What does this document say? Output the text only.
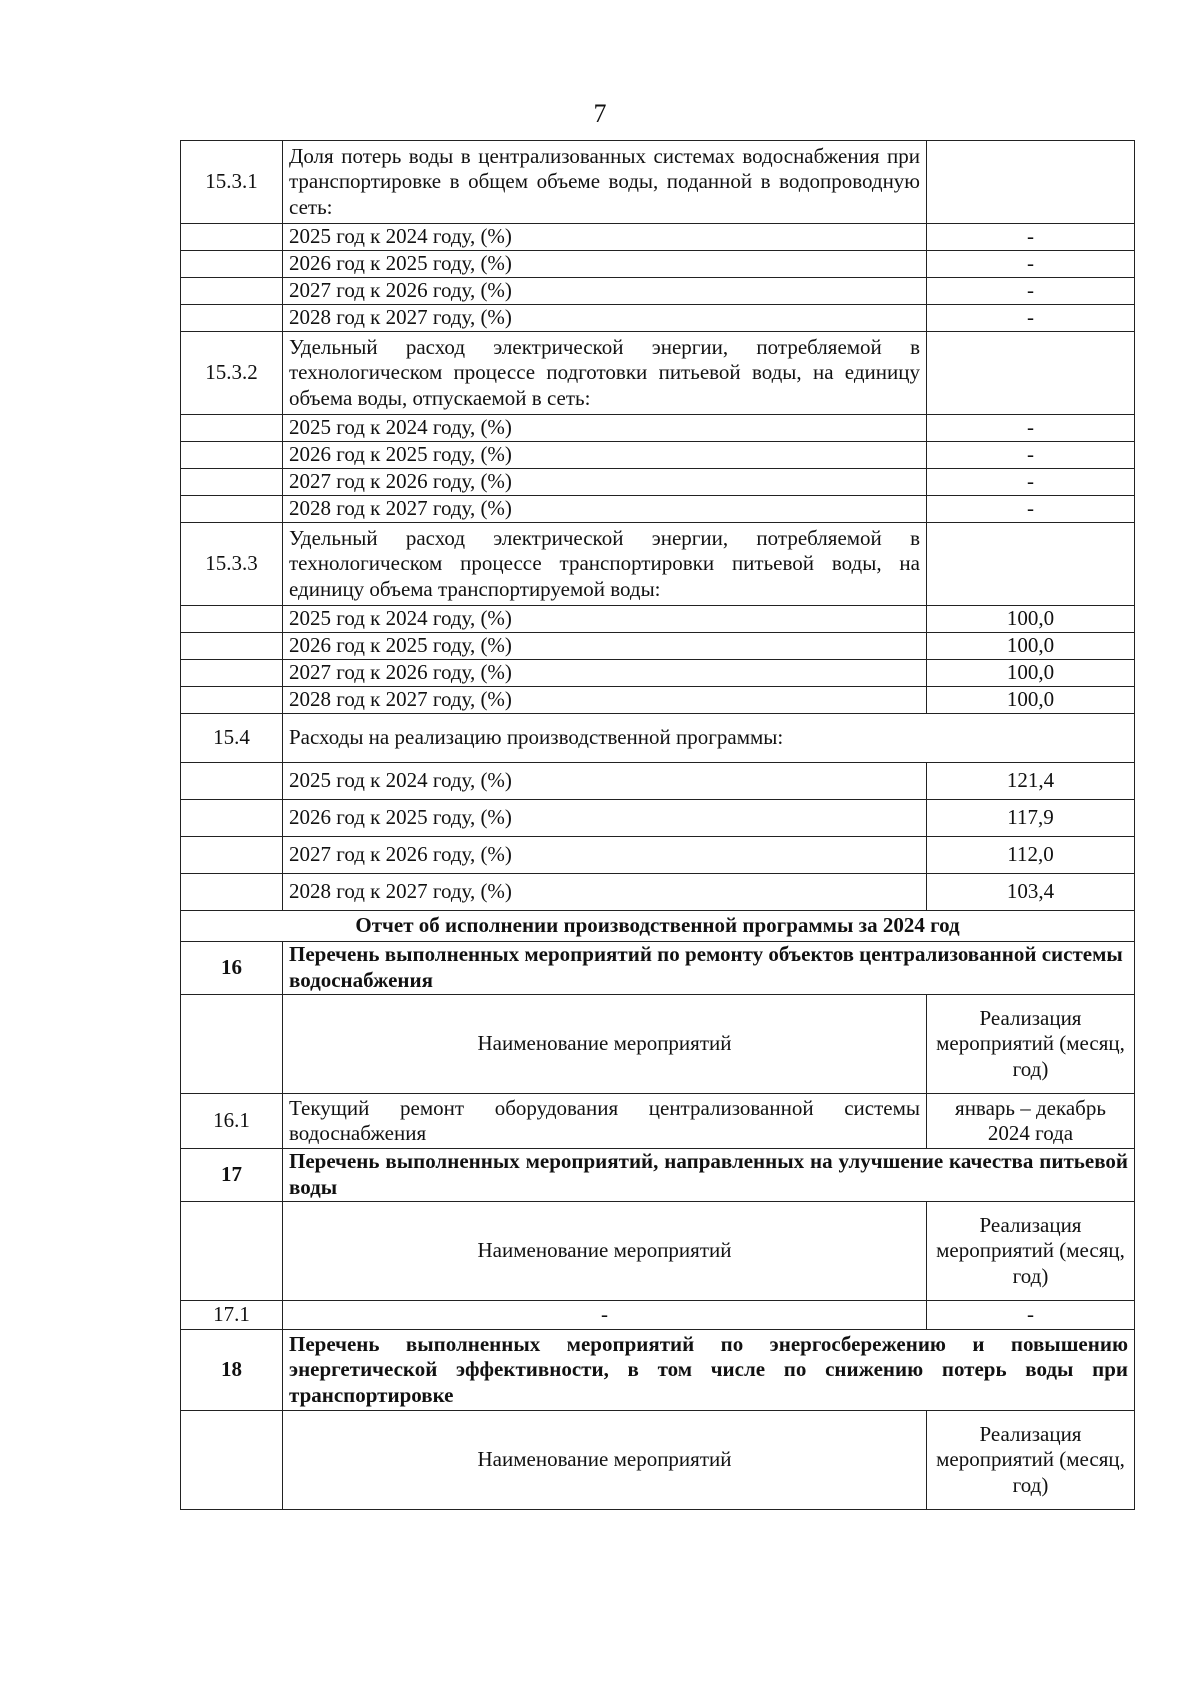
7
15.3.1	Доля потерь воды в централизованных системах водоснабжения при транспортировке в общем объеме воды, поданной в водопроводную сеть:	
	2025 год к 2024 году, (%)	-
	2026 год к 2025 году, (%)	-
	2027 год к 2026 году, (%)	-
	2028 год к 2027 году, (%)	-
15.3.2	Удельный расход электрической энергии, потребляемой в технологическом процессе подготовки питьевой воды, на единицу объема воды, отпускаемой в сеть:	
	2025 год к 2024 году, (%)	-
	2026 год к 2025 году, (%)	-
	2027 год к 2026 году, (%)	-
	2028 год к 2027 году, (%)	-
15.3.3	Удельный расход электрической энергии, потребляемой в технологическом процессе транспортировки питьевой воды, на единицу объема транспортируемой воды:	
	2025 год к 2024 году, (%)	100,0
	2026 год к 2025 году, (%)	100,0
	2027 год к 2026 году, (%)	100,0
	2028 год к 2027 году, (%)	100,0
15.4	Расходы на реализацию производственной программы:	
	2025 год к 2024 году, (%)	121,4
	2026 год к 2025 году, (%)	117,9
	2027 год к 2026 году, (%)	112,0
	2028 год к 2027 году, (%)	103,4
Отчет об исполнении производственной программы за 2024 год		
16	Перечень выполненных мероприятий по ремонту объектов централизованной системы водоснабжения	
	Наименование мероприятий	Реализация мероприятий (месяц, год)
16.1	Текущий ремонт оборудования централизованной системы водоснабжения	январь – декабрь 2024 года
17	Перечень выполненных мероприятий, направленных на улучшение качества питьевой воды	
	Наименование мероприятий	Реализация мероприятий (месяц, год)
17.1	-	-
18	Перечень выполненных мероприятий по энергосбережению и повышению энергетической эффективности, в том числе по снижению потерь воды при транспортировке	
	Наименование мероприятий	Реализация мероприятий (месяц, год)
